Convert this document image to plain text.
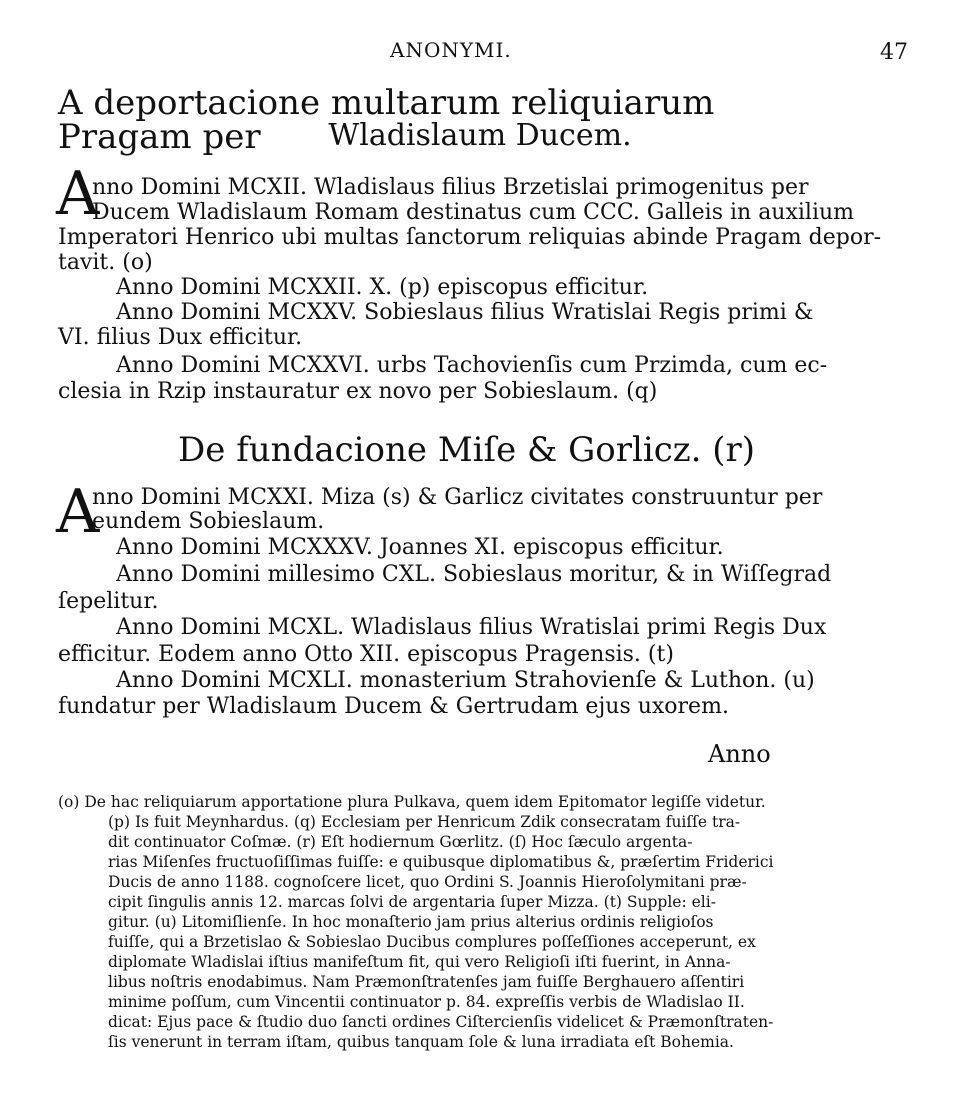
ANONYMI.	47
A deportacione multarum reliquiarum Pragam per	Wladislaum Ducem.
A
nno Domini MCXII. Wladislaus filius Brzetislai primogenitus per
Ducem Wladislaum Romam destinatus cum CCC. Galleis in auxilium
Imperatori Henrico ubi multas ſanctorum reliquias abinde Pragam depor-
tavit. (o)
Anno Domini MCXXII. X. (p) episcopus efficitur.
Anno Domini MCXXV. Sobieslaus filius Wratislai Regis primi &
VI. filius Dux efficitur.
Anno Domini MCXXVI. urbs Tachovienſis cum Przimda, cum ec-
clesia in Rzip instauratur ex novo per Sobieslaum. (q)
De fundacione Miſe & Gorlicz. (r)
A
nno Domini MCXXI. Miza (s) & Garlicz civitates construuntur per
eundem Sobieslaum.
Anno Domini MCXXXV. Joannes XI. episcopus efficitur.
Anno Domini millesimo CXL. Sobieslaus moritur, & in Wiſſegrad
ſepelitur.
Anno Domini MCXL. Wladislaus filius Wratislai primi Regis Dux
efficitur. Eodem anno Otto XII. episcopus Pragensis. (t)
Anno Domini MCXLI. monasterium Strahovienſe & Luthon. (u)
fundatur per Wladislaum Ducem & Gertrudam ejus uxorem.
Anno
(o) De hac reliquiarum apportatione plura Pulkava, quem idem Epitomator legiſſe videtur.
(p) Is fuit Meynhardus. (q) Ecclesiam per Henricum Zdik consecratam fuiſſe tra-
dit continuator Coſmæ. (r) Eſt hodiernum Gœrlitz. (ſ) Hoc ſæculo argenta-
rias Miſenſes fructuoſiſſimas fuiſſe: e quibusque diplomatibus &, præſertim Friderici
Ducis de anno 1188. cognoſcere licet, quo Ordini S. Joannis Hieroſolymitani præ-
cipit ſingulis annis 12. marcas ſolvi de argentaria ſuper Mizza. (t) Supple: eli-
gitur. (u) Litomiſlienſe. In hoc monaſterio jam prius alterius ordinis religioſos
fuiſſe, qui a Brzetislao & Sobieslao Ducibus complures poſſeſſiones acceperunt, ex
diplomate Wladislai iſtius manifeſtum fit, qui vero Religioſi iſti fuerint, in Anna-
libus noſtris enodabimus. Nam Præmonſtratenſes jam fuiſſe Berghauero aſſentiri
minime poſſum, cum Vincentii continuator p. 84. expreſſis verbis de Wladislao II.
dicat: Ejus pace & ſtudio duo ſancti ordines Ciſtercienſis videlicet & Præmonſtraten-
ſis venerunt in terram iſtam, quibus tanquam ſole & luna irradiata eſt Bohemia.
